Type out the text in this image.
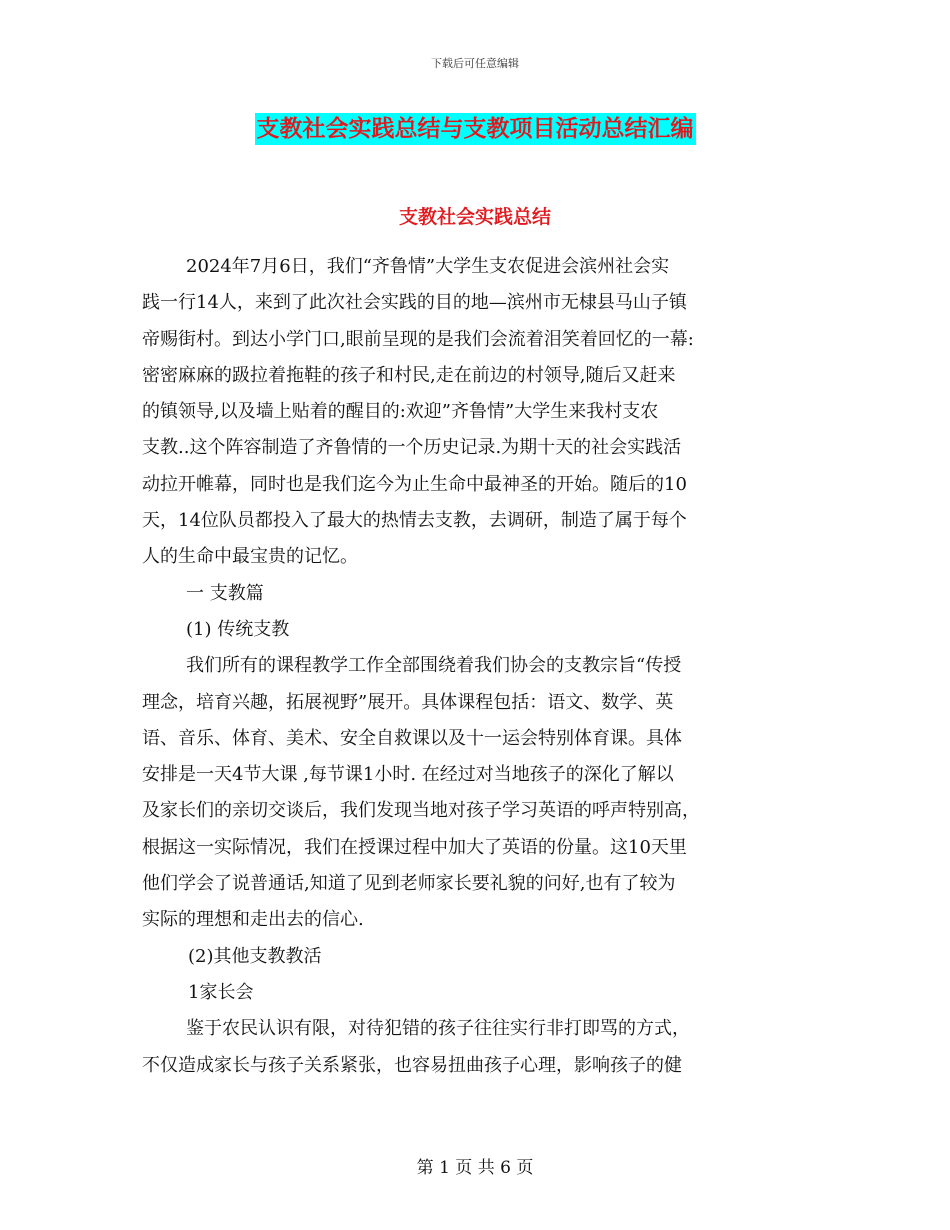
下载后可任意编辑
支教社会实践总结与支教项目活动总结汇编
支教社会实践总结
2024年7月6日，我们“齐鲁情”大学生支农促进会滨州社会实
践一行14人，来到了此次社会实践的目的地—滨州市无棣县马山子镇
帝赐街村。到达小学门口,眼前呈现的是我们会流着泪笑着回忆的一幕:
密密麻麻的趿拉着拖鞋的孩子和村民,走在前边的村领导,随后又赶来
的镇领导,以及墙上贴着的醒目的:欢迎”齐鲁情”大学生来我村支农
支教..这个阵容制造了齐鲁情的一个历史记录.为期十天的社会实践活
动拉开帷幕，同时也是我们迄今为止生命中最神圣的开始。随后的10
天，14位队员都投入了最大的热情去支教，去调研，制造了属于每个
人的生命中最宝贵的记忆。
一 支教篇
(1) 传统支教
我们所有的课程教学工作全部围绕着我们协会的支教宗旨“传授
理念，培育兴趣，拓展视野”展开。具体课程包括：语文、数学、英
语、音乐、体育、美术、安全自救课以及十一运会特别体育课。具体
安排是一天4节大课 ,每节课1小时. 在经过对当地孩子的深化了解以
及家长们的亲切交谈后，我们发现当地对孩子学习英语的呼声特别高，
根据这一实际情况，我们在授课过程中加大了英语的份量。这10天里
他们学会了说普通话,知道了见到老师家长要礼貌的问好,也有了较为
实际的理想和走出去的信心.
(2)其他支教教活
1家长会
鉴于农民认识有限，对待犯错的孩子往往实行非打即骂的方式，
不仅造成家长与孩子关系紧张，也容易扭曲孩子心理，影响孩子的健
第 1 页 共 6 页
